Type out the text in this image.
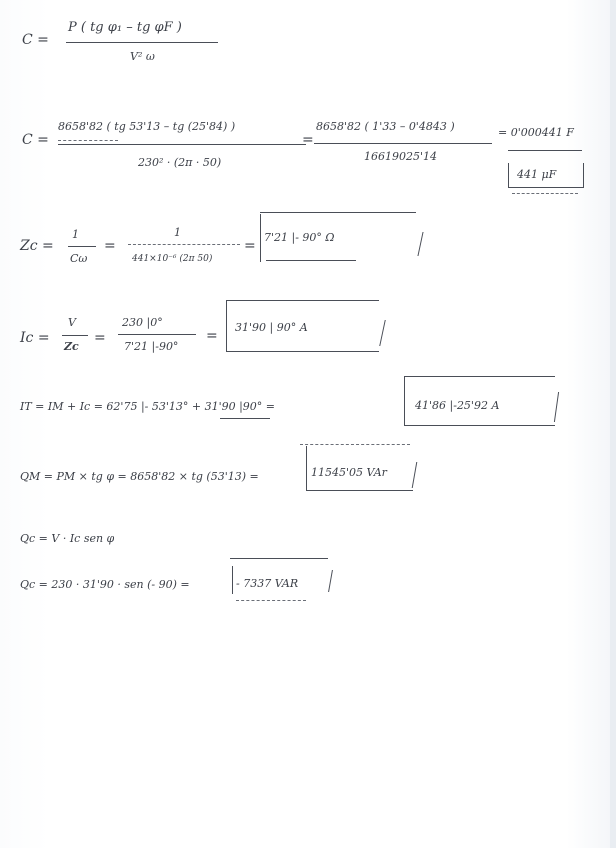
C =
P ( tg φ₁ – tg φF )
V² ω
C =
8658'82 ( tg 53'13 – tg (25'84) )
230² · (2π · 50)
=
8658'82 ( 1'33 – 0'4843 )
16619025'14
= 0'000441 F
441 μF
Zc =
1
Cω
=
1
441×10⁻⁶ (2π 50)
=
7'21 |- 90° Ω
Ic =
V
Zc
=
230 |0°
7'21 |-90°
=
31'90 | 90° A
IT = IM + Ic = 62'75 |- 53'13° + 31'90 |90° =	41'86 |-25'92 A
QM = PM × tg φ = 8658'82 × tg (53'13) =	11545'05 VAr
Qc = V · Ic sen φ
Qc = 230 · 31'90 · sen (- 90) =	- 7337 VAR
